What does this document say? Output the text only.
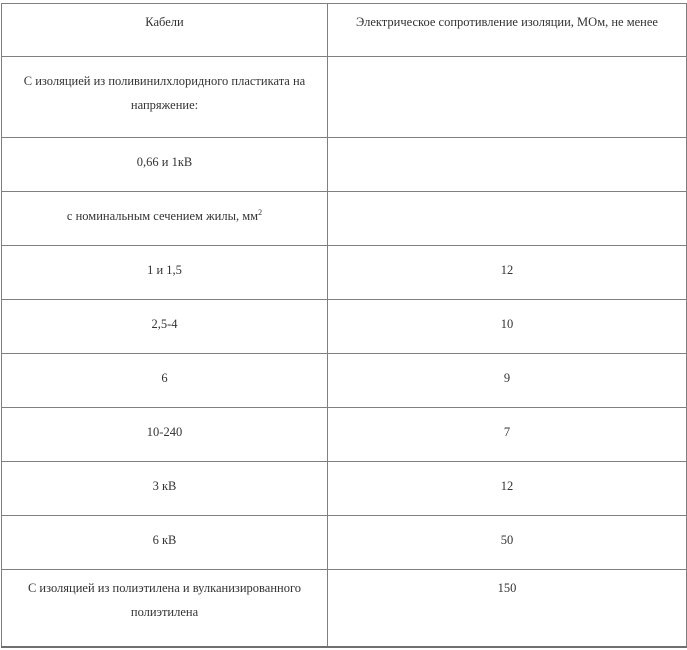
Кабели	Электрическое сопротивление изоляции, МОм, не менее
С изоляцией из поливинилхлоридного пластиката на напряжение:	
0,66 и 1кВ	
с номинальным сечением жилы, $мм^2$	
1 и 1,5	12
2,5-4	10
6	9
10-240	7
3 кВ	12
6 кВ	50
С изоляцией из полиэтилена и вулканизированного полиэтилена	150
